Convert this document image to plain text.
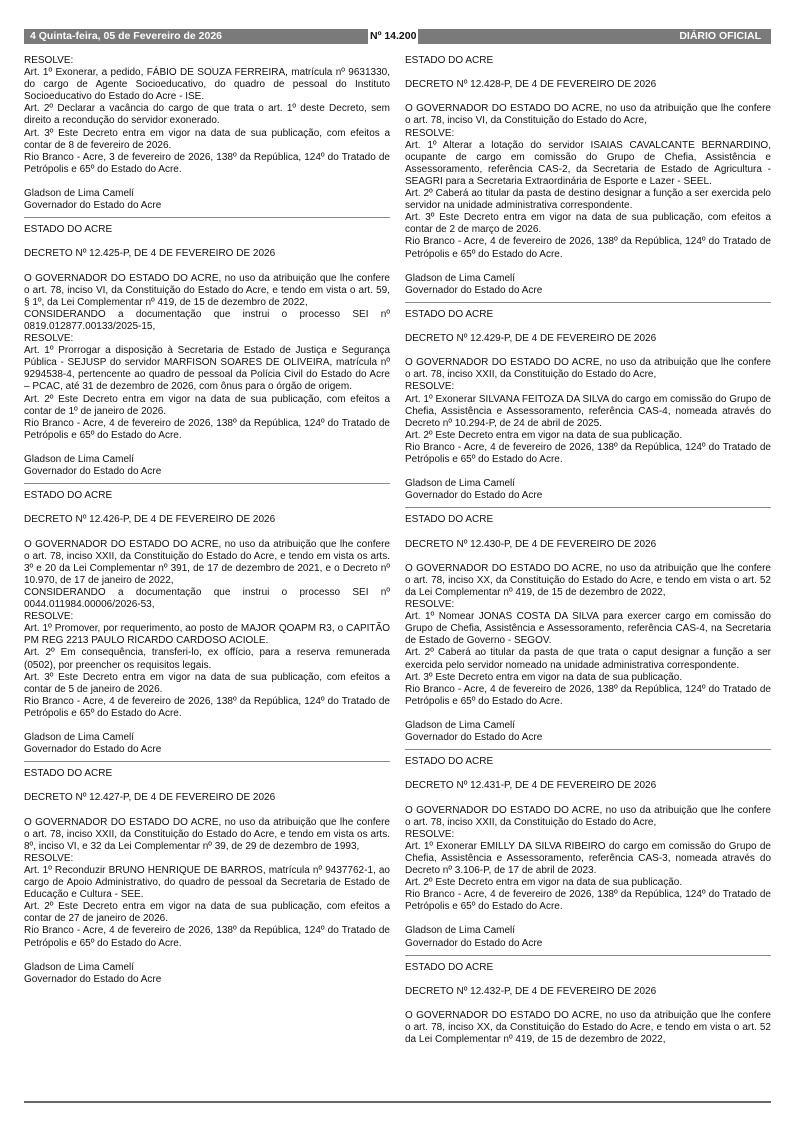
4 Quinta-feira, 05 de Fevereiro de 2026	Nº 14.200	DIÁRIO OFICIAL

RESOLVE:

Art. 1º Exonerar, a pedido, FÁBIO DE SOUZA FERREIRA, matrícula nº 9631330, do cargo de Agente Socioeducativo, do quadro de pessoal do Instituto Socioeducativo do Estado do Acre - ISE.

Art. 2º Declarar a vacância do cargo de que trata o art. 1º deste Decreto, sem direito a recondução do servidor exonerado.

Art. 3º Este Decreto entra em vigor na data de sua publicação, com efeitos a contar de 8 de fevereiro de 2026.

Rio Branco - Acre, 3 de fevereiro de 2026, 138º da República, 124º do Tratado de Petrópolis e 65º do Estado do Acre.

Gladson de Lima Camelí

Governador do Estado do Acre

ESTADO DO ACRE

DECRETO Nº 12.425-P, DE 4 DE FEVEREIRO DE 2026

O GOVERNADOR DO ESTADO DO ACRE, no uso da atribuição que lhe confere o art. 78, inciso VI, da Constituição do Estado do Acre, e tendo em vista o art. 59, § 1º, da Lei Complementar nº 419, de 15 de dezembro de 2022,

CONSIDERANDO a documentação que instrui o processo SEI nº 0819.012877.00133/2025-15,

RESOLVE:

Art. 1º Prorrogar a disposição à Secretaria de Estado de Justiça e Segurança Pública - SEJUSP do servidor MARFISON SOARES DE OLIVEIRA, matrícula nº 9294538-4, pertencente ao quadro de pessoal da Polícia Civil do Estado do Acre – PCAC, até 31 de dezembro de 2026, com ônus para o órgão de origem.

Art. 2º Este Decreto entra em vigor na data de sua publicação, com efeitos a contar de 1º de janeiro de 2026.

Rio Branco - Acre, 4 de fevereiro de 2026, 138º da República, 124º do Tratado de Petrópolis e 65º do Estado do Acre.

Gladson de Lima Camelí

Governador do Estado do Acre

ESTADO DO ACRE

DECRETO Nº 12.426-P, DE 4 DE FEVEREIRO DE 2026

O GOVERNADOR DO ESTADO DO ACRE, no uso da atribuição que lhe confere o art. 78, inciso XXII, da Constituição do Estado do Acre, e tendo em vista os arts. 3º e 20 da Lei Complementar nº 391, de 17 de dezembro de 2021, e o Decreto nº 10.970, de 17 de janeiro de 2022,

CONSIDERANDO a documentação que instrui o processo SEI nº 0044.011984.00006/2026-53,

RESOLVE:

Art. 1º Promover, por requerimento, ao posto de MAJOR QOAPM R3, o CAPITÃO PM REG 2213 PAULO RICARDO CARDOSO ACIOLE.

Art. 2º Em consequência, transferi-lo, ex offício, para a reserva remunerada (0502), por preencher os requisitos legais.

Art. 3º Este Decreto entra em vigor na data de sua publicação, com efeitos a contar de 5 de janeiro de 2026.

Rio Branco - Acre, 4 de fevereiro de 2026, 138º da República, 124º do Tratado de Petrópolis e 65º do Estado do Acre.

Gladson de Lima Camelí

Governador do Estado do Acre

ESTADO DO ACRE

DECRETO Nº 12.427-P, DE 4 DE FEVEREIRO DE 2026

O GOVERNADOR DO ESTADO DO ACRE, no uso da atribuição que lhe confere o art. 78, inciso XXII, da Constituição do Estado do Acre, e tendo em vista os arts. 8º, inciso VI, e 32 da Lei Complementar nº 39, de 29 de dezembro de 1993,

RESOLVE:

Art. 1º Reconduzir BRUNO HENRIQUE DE BARROS, matrícula nº 9437762-1, ao cargo de Apoio Administrativo, do quadro de pessoal da Secretaria de Estado de Educação e Cultura - SEE.

Art. 2º Este Decreto entra em vigor na data de sua publicação, com efeitos a contar de 27 de janeiro de 2026.

Rio Branco - Acre, 4 de fevereiro de 2026, 138º da República, 124º do Tratado de Petrópolis e 65º do Estado do Acre.

Gladson de Lima Camelí

Governador do Estado do Acre

ESTADO DO ACRE

DECRETO Nº 12.428-P, DE 4 DE FEVEREIRO DE 2026

O GOVERNADOR DO ESTADO DO ACRE, no uso da atribuição que lhe confere o art. 78, inciso VI, da Constituição do Estado do Acre,

RESOLVE:

Art. 1º Alterar a lotação do servidor ISAIAS CAVALCANTE BERNARDINO, ocupante de cargo em comissão do Grupo de Chefia, Assistência e Assessoramento, referência CAS-2, da Secretaria de Estado de Agricultura - SEAGRI para a Secretaria Extraordinária de Esporte e Lazer - SEEL.

Art. 2º Caberá ao titular da pasta de destino designar a função a ser exercida pelo servidor na unidade administrativa correspondente.

Art. 3º Este Decreto entra em vigor na data de sua publicação, com efeitos a contar de 2 de março de 2026.

Rio Branco - Acre, 4 de fevereiro de 2026, 138º da República, 124º do Tratado de Petrópolis e 65º do Estado do Acre.

Gladson de Lima Camelí

Governador do Estado do Acre

ESTADO DO ACRE

DECRETO Nº 12.429-P, DE 4 DE FEVEREIRO DE 2026

O GOVERNADOR DO ESTADO DO ACRE, no uso da atribuição que lhe confere o art. 78, inciso XXII, da Constituição do Estado do Acre,

RESOLVE:

Art. 1º Exonerar SILVANA FEITOZA DA SILVA do cargo em comissão do Grupo de Chefia, Assistência e Assessoramento, referência CAS-4, nomeada através do Decreto nº 10.294-P, de 24 de abril de 2025.

Art. 2º Este Decreto entra em vigor na data de sua publicação.

Rio Branco - Acre, 4 de fevereiro de 2026, 138º da República, 124º do Tratado de Petrópolis e 65º do Estado do Acre.

Gladson de Lima Camelí

Governador do Estado do Acre

ESTADO DO ACRE

DECRETO Nº 12.430-P, DE 4 DE FEVEREIRO DE 2026

O GOVERNADOR DO ESTADO DO ACRE, no uso da atribuição que lhe confere o art. 78, inciso XX, da Constituição do Estado do Acre, e tendo em vista o art. 52 da Lei Complementar nº 419, de 15 de dezembro de 2022,

RESOLVE:

Art. 1º Nomear JONAS COSTA DA SILVA para exercer cargo em comissão do Grupo de Chefia, Assistência e Assessoramento, referência CAS-4, na Secretaria de Estado de Governo - SEGOV.

Art. 2º Caberá ao titular da pasta de que trata o caput designar a função a ser exercida pelo servidor nomeado na unidade administrativa correspondente.

Art. 3º Este Decreto entra em vigor na data de sua publicação.

Rio Branco - Acre, 4 de fevereiro de 2026, 138º da República, 124º do Tratado de Petrópolis e 65º do Estado do Acre.

Gladson de Lima Camelí

Governador do Estado do Acre

ESTADO DO ACRE

DECRETO Nº 12.431-P, DE 4 DE FEVEREIRO DE 2026

O GOVERNADOR DO ESTADO DO ACRE, no uso da atribuição que lhe confere o art. 78, inciso XXII, da Constituição do Estado do Acre,

RESOLVE:

Art. 1º Exonerar EMILLY DA SILVA RIBEIRO do cargo em comissão do Grupo de Chefia, Assistência e Assessoramento, referência CAS-3, nomeada através do Decreto nº 3.106-P, de 17 de abril de 2023.

Art. 2º Este Decreto entra em vigor na data de sua publicação.

Rio Branco - Acre, 4 de fevereiro de 2026, 138º da República, 124º do Tratado de Petrópolis e 65º do Estado do Acre.

Gladson de Lima Camelí

Governador do Estado do Acre

ESTADO DO ACRE

DECRETO Nº 12.432-P, DE 4 DE FEVEREIRO DE 2026

O GOVERNADOR DO ESTADO DO ACRE, no uso da atribuição que lhe confere o art. 78, inciso XX, da Constituição do Estado do Acre, e tendo em vista o art. 52 da Lei Complementar nº 419, de 15 de dezembro de 2022,
